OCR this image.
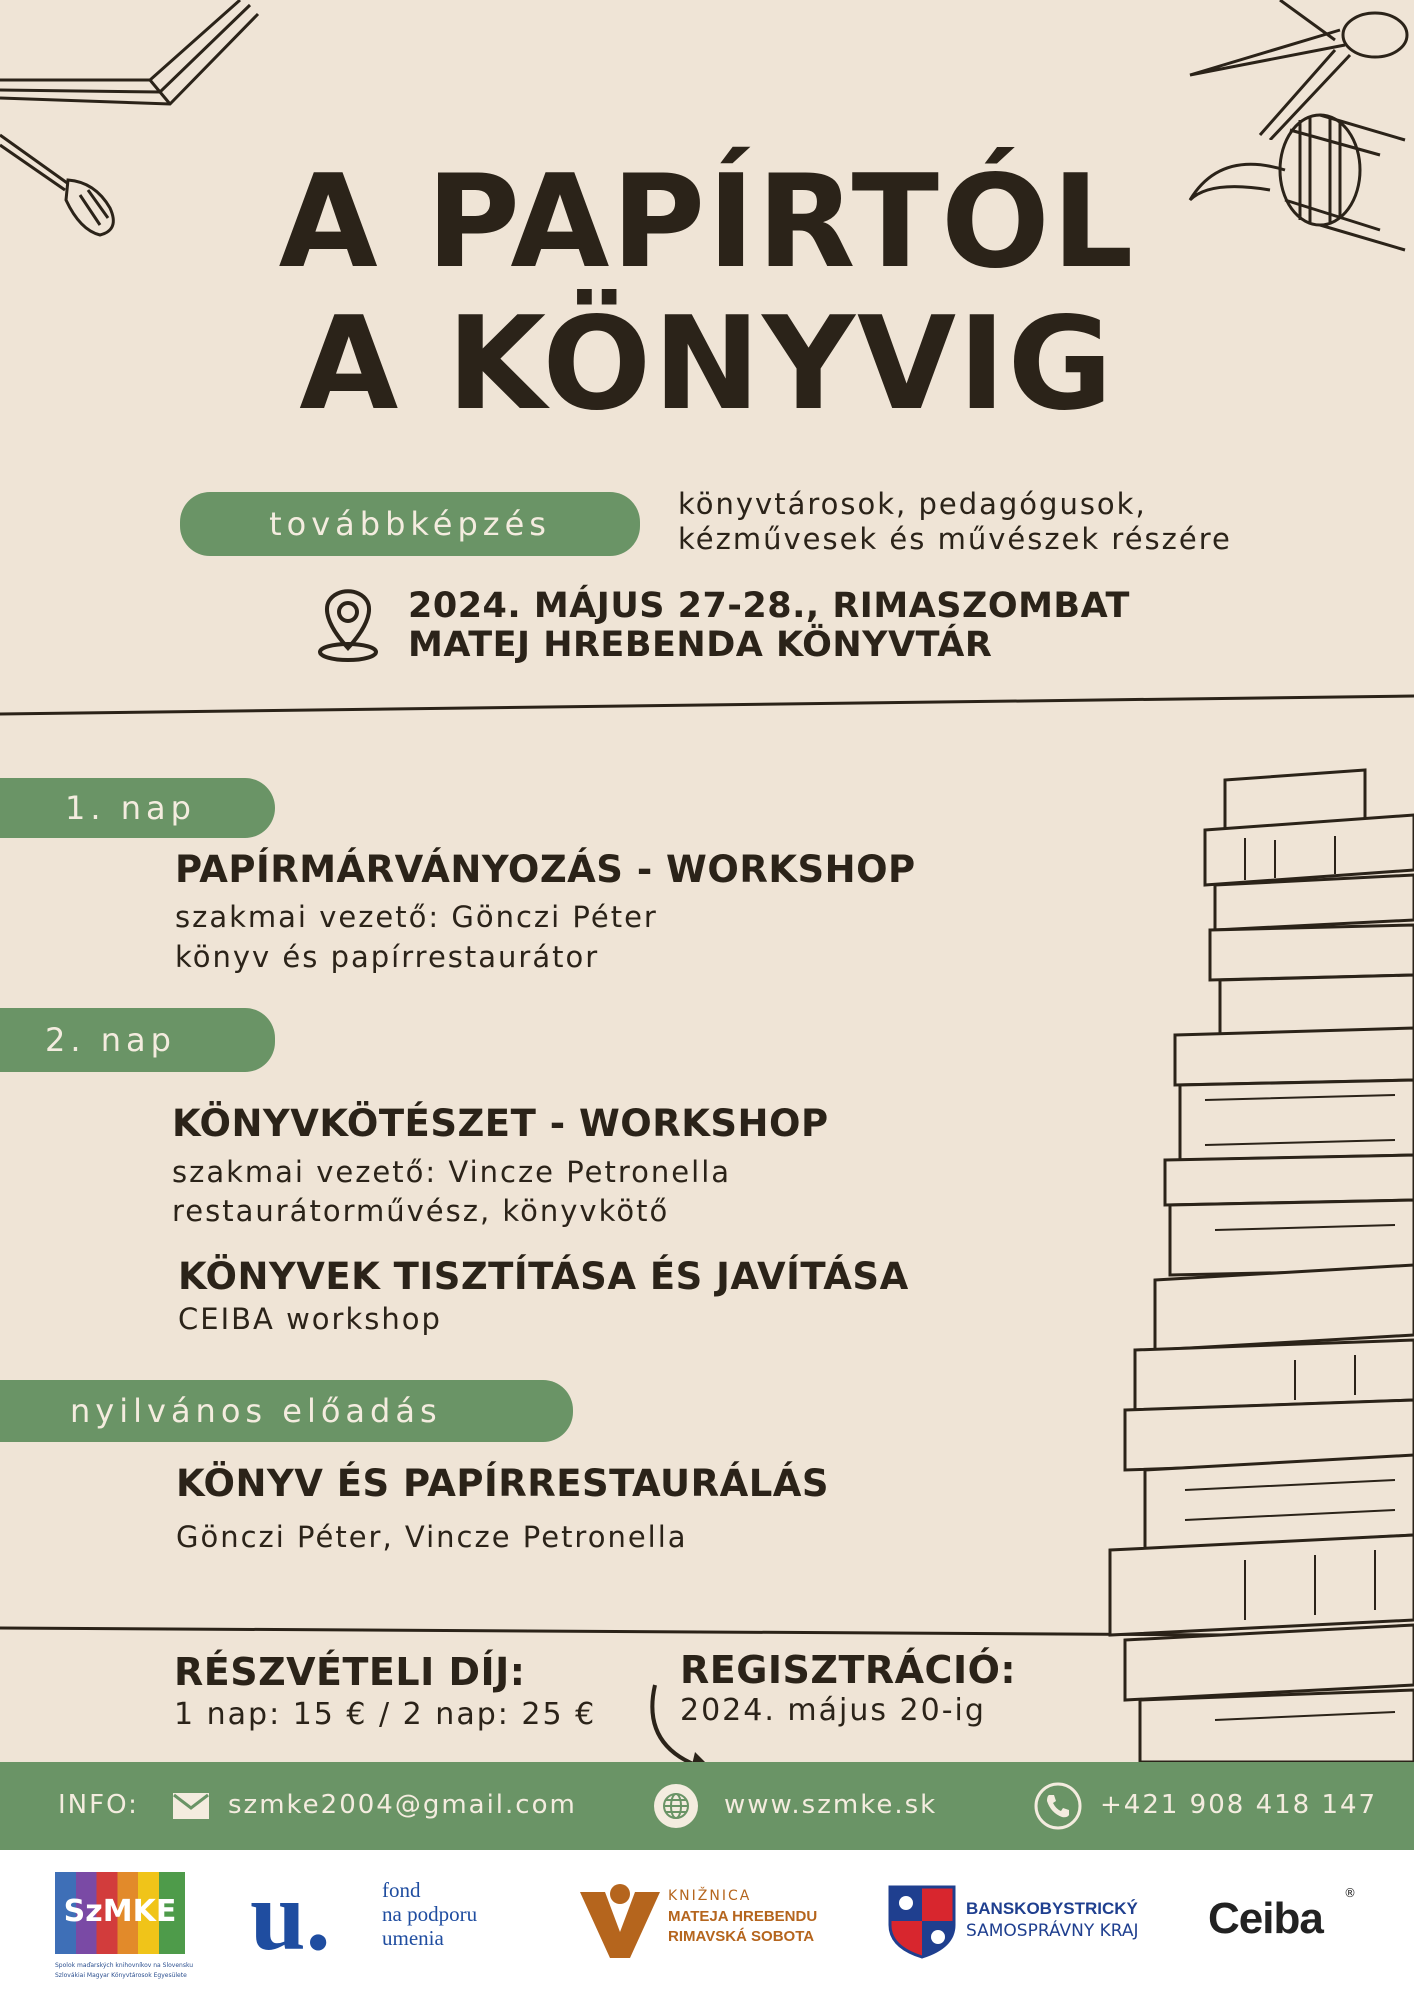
A PAPÍRTÓL
A KÖNYVIG
továbbképzés
könyvtárosok, pedagógusok,
kézművesek és művészek részére
2024. MÁJUS 27-28., RIMASZOMBAT
MATEJ HREBENDA KÖNYVTÁR
1. nap
PAPÍRMÁRVÁNYOZÁS - WORKSHOP
szakmai vezető: Gönczi Péter
könyv és papírrestaurátor
2. nap
KÖNYVKÖTÉSZET - WORKSHOP
szakmai vezető: Vincze Petronella
restaurátorművész, könyvkötő
KÖNYVEK TISZTÍTÁSA ÉS JAVÍTÁSA
CEIBA workshop
nyilvános előadás
KÖNYV ÉS PAPÍRRESTAURÁLÁS
Gönczi Péter, Vincze Petronella
RÉSZVÉTELI DÍJ:
1 nap: 15 € / 2 nap: 25 €
REGISZTRÁCIÓ:
2024. május 20-ig
INFO:	szmke2004@gmail.com	www.szmke.sk	+421 908 418 147
SzMKE
Spolok maďarských knihovníkov na Slovensku
Szlovákiai Magyar Könyvtárosok Egyesülete
u. fond
na podporu
umenia
KNIŽNICA
MATEJA HREBENDU
RIMAVSKÁ SOBOTA
BANSKOBYSTRICKÝ
SAMOSPRÁVNY KRAJ Ceiba
®
